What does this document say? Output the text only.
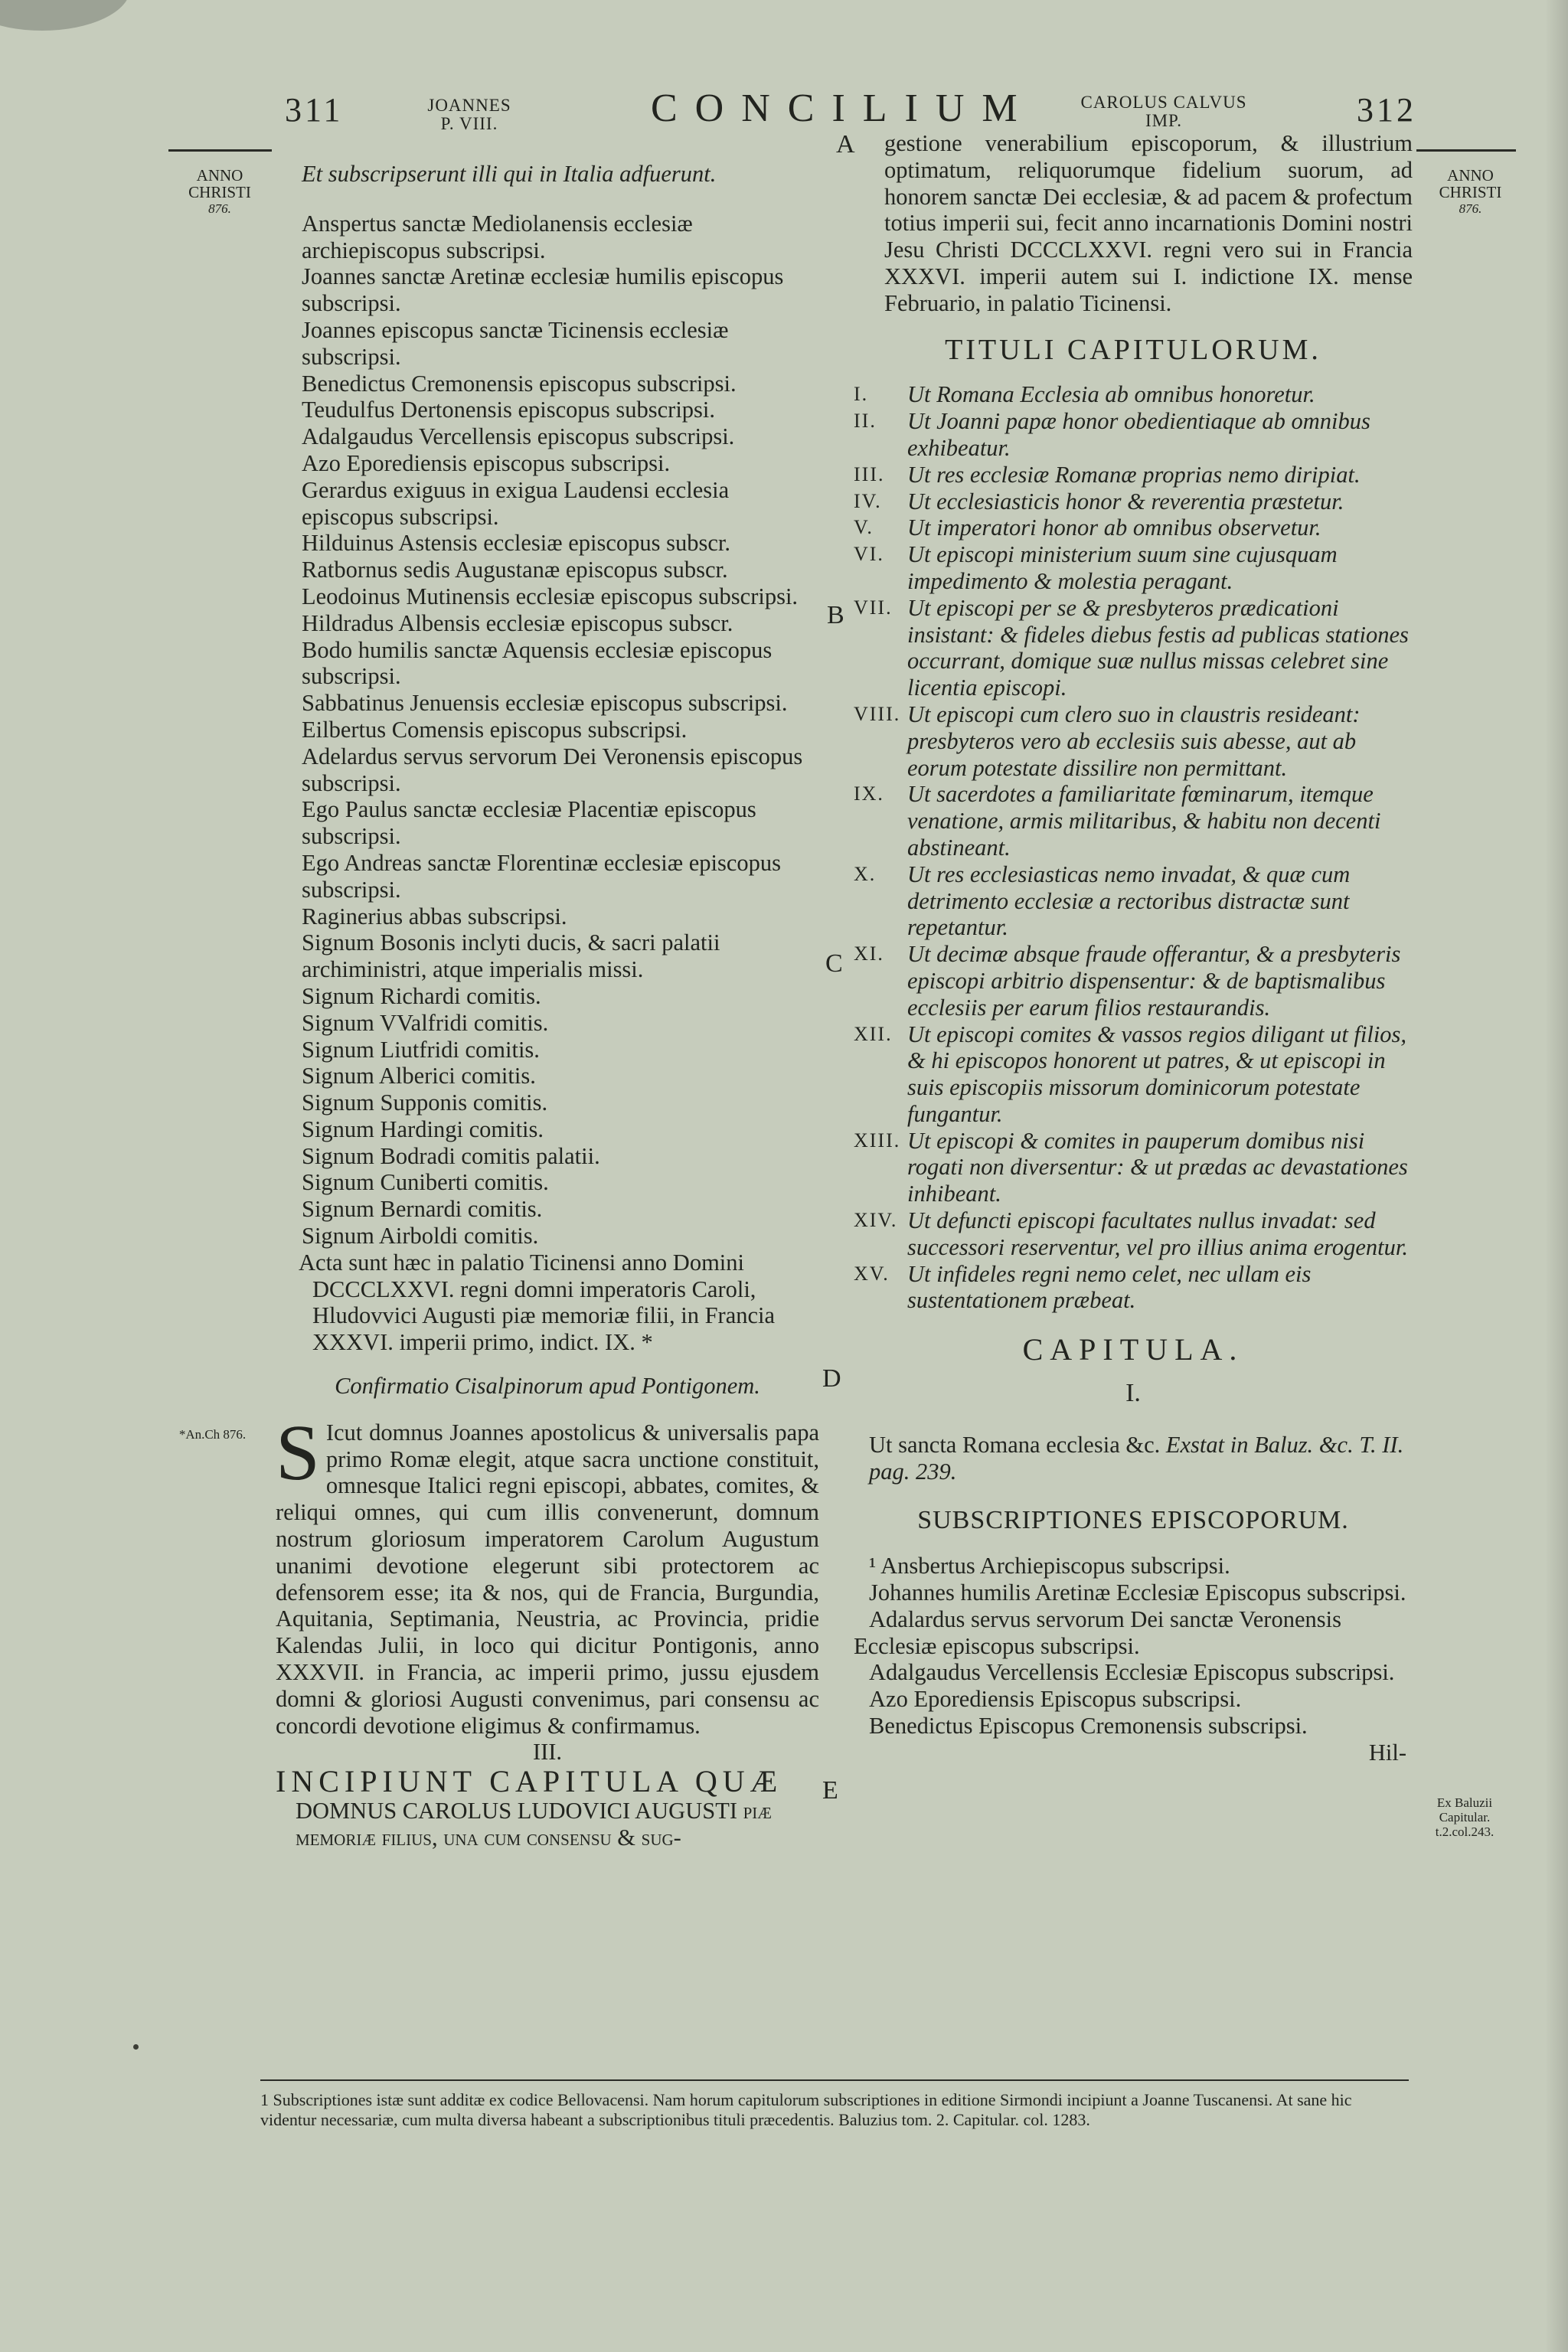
311	JOANNES
P. VIII.	CONCILIUM	CAROLUS CALVUS
IMP.	312
ANNO
CHRISTI
876.
ANNO
CHRISTI
876.
*An.Ch 876.
Ex Baluzii
Capitular.
t.2.col.243.
A
B
C
D
E

Et subscripserunt illi qui in Italia adfuerunt.

Anspertus sanctæ Mediolanensis ecclesiæ archiepiscopus subscripsi.

Joannes sanctæ Aretinæ ecclesiæ humilis episcopus subscripsi.

Joannes episcopus sanctæ Ticinensis ecclesiæ subscripsi.

Benedictus Cremonensis episcopus subscripsi.

Teudulfus Dertonensis episcopus subscripsi.

Adalgaudus Vercellensis episcopus subscripsi.

Azo Eporediensis episcopus subscripsi.

Gerardus exiguus in exigua Laudensi ecclesia episcopus subscripsi.

Hilduinus Astensis ecclesiæ episcopus subscr.

Ratbornus sedis Augustanæ episcopus subscr.

Leodoinus Mutinensis ecclesiæ episcopus subscripsi.

Hildradus Albensis ecclesiæ episcopus subscr.

Bodo humilis sanctæ Aquensis ecclesiæ episcopus subscripsi.

Sabbatinus Jenuensis ecclesiæ episcopus subscripsi.

Eilbertus Comensis episcopus subscripsi.

Adelardus servus servorum Dei Veronensis episcopus subscripsi.

Ego Paulus sanctæ ecclesiæ Placentiæ episcopus subscripsi.

Ego Andreas sanctæ Florentinæ ecclesiæ episcopus subscripsi.

Raginerius abbas subscripsi.

Signum Bosonis inclyti ducis, & sacri palatii archiministri, atque imperialis missi.

Signum Richardi comitis.

Signum VValfridi comitis.

Signum Liutfridi comitis.

Signum Alberici comitis.

Signum Supponis comitis.

Signum Hardingi comitis.

Signum Bodradi comitis palatii.

Signum Cuniberti comitis.

Signum Bernardi comitis.

Signum Airboldi comitis.

Acta sunt hæc in palatio Ticinensi anno Domini DCCCLXXVI. regni domni imperatoris Caroli, Hludovvici Augusti piæ memoriæ filii, in Francia XXXVI. imperii primo, indict. IX. *

Confirmatio Cisalpinorum apud Pontigonem.

S Icut domnus Joannes apostolicus & universalis papa primo Romæ elegit, atque sacra unctione constituit, omnesque Italici regni episcopi, abbates, comites, & reliqui omnes, qui cum illis convenerunt, domnum nostrum gloriosum imperatorem Carolum Augustum unanimi devotione elegerunt sibi protectorem ac defensorem esse; ita & nos, qui de Francia, Burgundia, Aquitania, Septimania, Neustria, ac Provincia, pridie Kalendas Julii, in loco qui dicitur Pontigonis, anno XXXVII. in Francia, ac imperii primo, jussu ejusdem domni & gloriosi Augusti convenimus, pari consensu ac concordi devotione eligimus & confirmamus.

III.

INCIPIUNT CAPITULA QUÆ

DOMNUS CAROLUS LUDOVICI AUGUSTI piæ memoriæ filius, una cum consensu & sug-

gestione venerabilium episcoporum, & illustrium optimatum, reliquorumque fidelium suorum, ad honorem sanctæ Dei ecclesiæ, & ad pacem & profectum totius imperii sui, fecit anno incarnationis Domini nostri Jesu Christi DCCCLXXVI. regni vero sui in Francia XXXVI. imperii autem sui I. indictione IX. mense Februario, in palatio Ticinensi.

TITULI CAPITULORUM.

I.	Ut Romana Ecclesia ab omnibus honoretur.
II.	Ut Joanni papæ honor obedientiaque ab omnibus exhibeatur.
III. Ut res ecclesiæ Romanæ proprias nemo diripiat.
IV.	Ut ecclesiasticis honor & reverentia præstetur.
V.	Ut imperatori honor ab omnibus observetur.
VI. Ut episcopi ministerium suum sine cujusquam impedimento & molestia peragant.
VII. Ut episcopi per se & presbyteros prædicationi insistant: & fideles diebus festis ad publicas stationes occurrant, domique suæ nullus missas celebret sine licentia episcopi.
VIII. Ut episcopi cum clero suo in claustris resideant: presbyteros vero ab ecclesiis suis abesse, aut ab eorum potestate dissilire non permittant.
IX. Ut sacerdotes a familiaritate fœminarum, itemque venatione, armis militaribus, & habitu non decenti abstineant.
X.	Ut res ecclesiasticas nemo invadat, & quæ cum detrimento ecclesiæ a rectoribus distractæ sunt repetantur.
XI. Ut decimæ absque fraude offerantur, & a presbyteris episcopi arbitrio dispensentur: & de baptismalibus ecclesiis per earum filios restaurandis.
XII. Ut episcopi comites & vassos regios diligant ut filios, & hi episcopos honorent ut patres, & ut episcopi in suis episcopiis missorum dominicorum potestate fungantur.
XIII. Ut episcopi & comites in pauperum domibus nisi rogati non diversentur: & ut prædas ac devastationes inhibeant.
XIV. Ut defuncti episcopi facultates nullus invadat: sed successori reserventur, vel pro illius anima erogentur.
XV. Ut infideles regni nemo celet, nec ullam eis sustentationem præbeat.

CAPITULA.

I.

Ut sancta Romana ecclesia &c. Exstat in Baluz. &c. T. II. pag. 239.

SUBSCRIPTIONES EPISCOPORUM.

¹ Ansbertus Archiepiscopus subscripsi.

Johannes humilis Aretinæ Ecclesiæ Episcopus subscripsi.

Adalardus servus servorum Dei sanctæ Veronensis Ecclesiæ episcopus subscripsi.

Adalgaudus Vercellensis Ecclesiæ Episcopus subscripsi.

Azo Eporediensis Episcopus subscripsi.

Benedictus Episcopus Cremonensis subscripsi.

Hil-

1 Subscriptiones istæ sunt additæ ex codice Bellovacensi. Nam horum capitulorum subscriptiones in editione Sirmondi incipiunt a Joanne Tuscanensi. At sane hic videntur necessariæ, cum multa diversa habeant a subscriptionibus tituli præcedentis. Baluzius tom. 2. Capitular. col. 1283.
